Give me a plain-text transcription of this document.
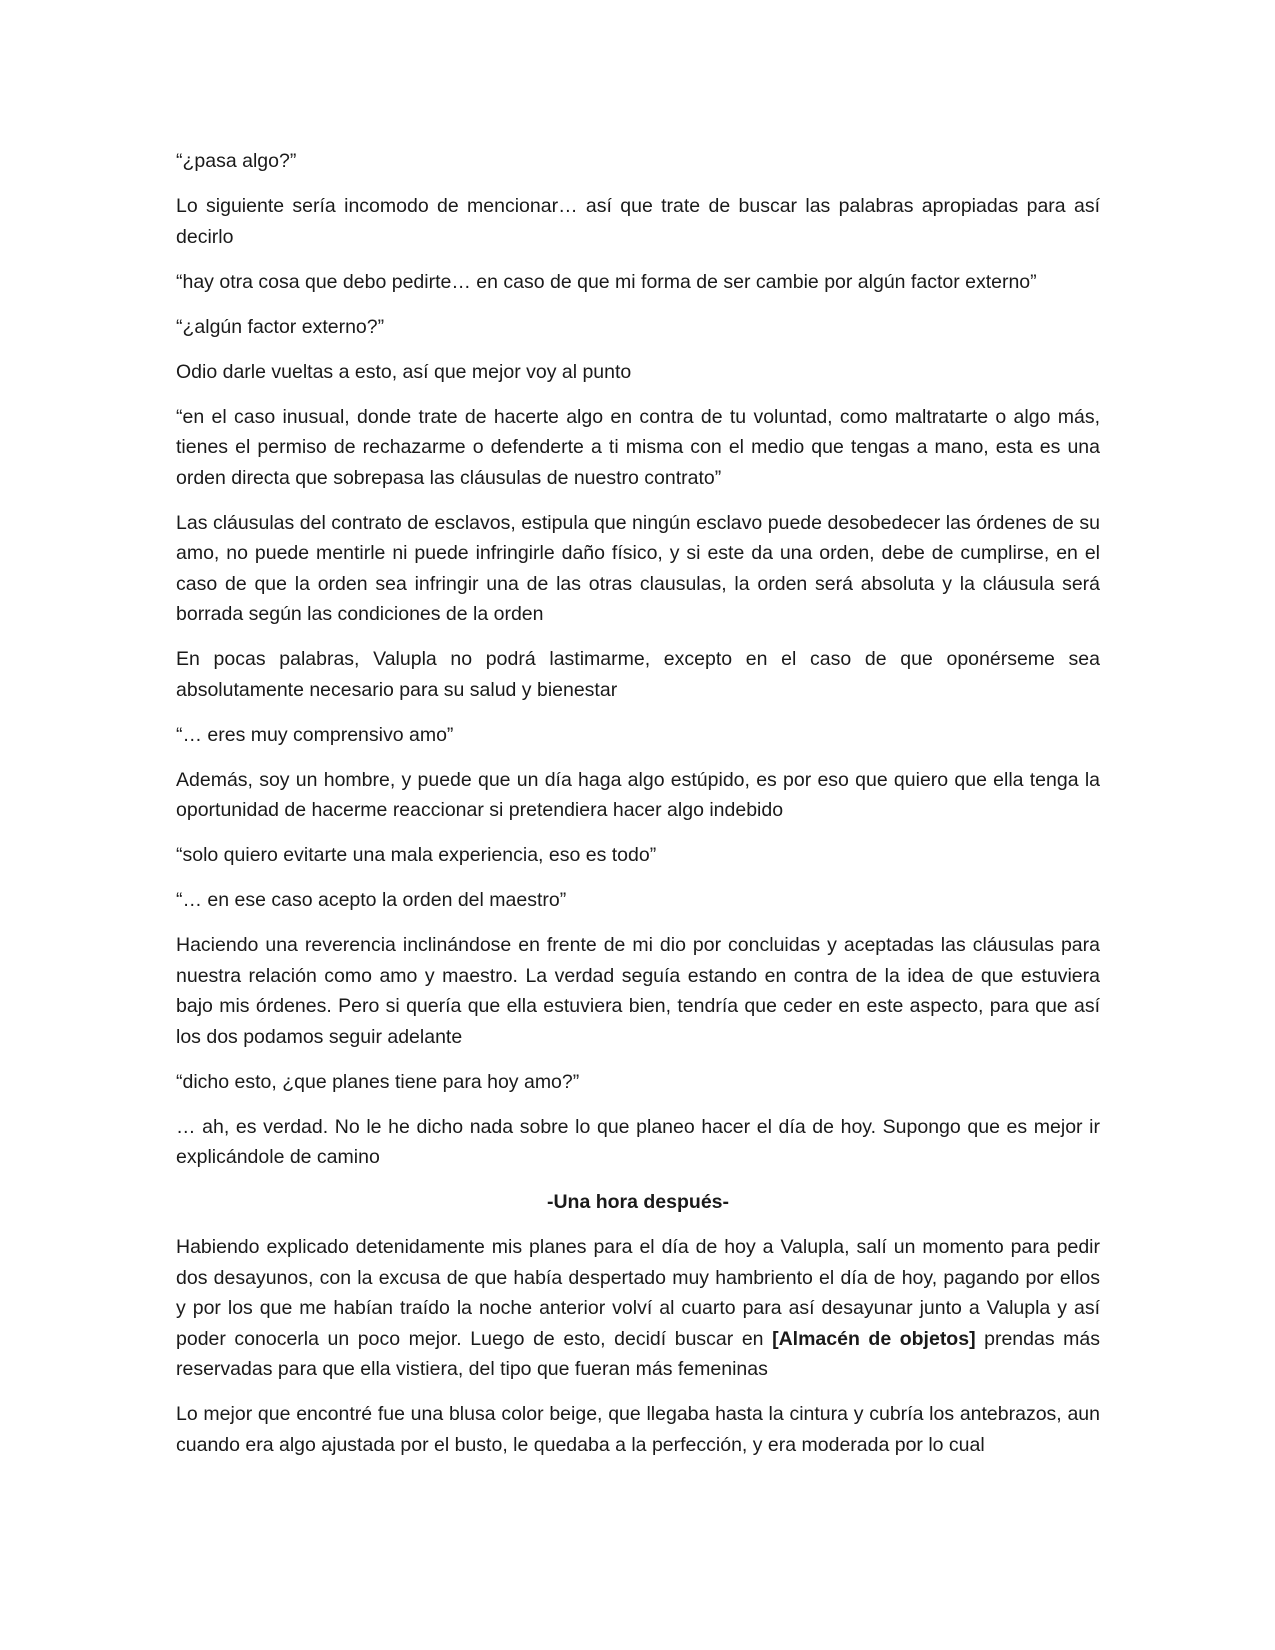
“¿pasa algo?”

Lo siguiente sería incomodo de mencionar… así que trate de buscar las palabras apropiadas para así decirlo

“hay otra cosa que debo pedirte… en caso de que mi forma de ser cambie por algún factor externo”

“¿algún factor externo?”

Odio darle vueltas a esto, así que mejor voy al punto

“en el caso inusual, donde trate de hacerte algo en contra de tu voluntad, como maltratarte o algo más, tienes el permiso de rechazarme o defenderte a ti misma con el medio que tengas a mano, esta es una orden directa que sobrepasa las cláusulas de nuestro contrato”

Las cláusulas del contrato de esclavos, estipula que ningún esclavo puede desobedecer las órdenes de su amo, no puede mentirle ni puede infringirle daño físico, y si este da una orden, debe de cumplirse, en el caso de que la orden sea infringir una de las otras clausulas, la orden será absoluta y la cláusula será borrada según las condiciones de la orden

En pocas palabras, Valupla no podrá lastimarme, excepto en el caso de que oponérseme sea absolutamente necesario para su salud y bienestar

“… eres muy comprensivo amo”

Además, soy un hombre, y puede que un día haga algo estúpido, es por eso que quiero que ella tenga la oportunidad de hacerme reaccionar si pretendiera hacer algo indebido

“solo quiero evitarte una mala experiencia, eso es todo”

“… en ese caso acepto la orden del maestro”

Haciendo una reverencia inclinándose en frente de mi dio por concluidas y aceptadas las cláusulas para nuestra relación como amo y maestro. La verdad seguía estando en contra de la idea de que estuviera bajo mis órdenes. Pero si quería que ella estuviera bien, tendría que ceder en este aspecto, para que así los dos podamos seguir adelante

“dicho esto, ¿que planes tiene para hoy amo?”

… ah, es verdad. No le he dicho nada sobre lo que planeo hacer el día de hoy. Supongo que es mejor ir explicándole de camino

-Una hora después-

Habiendo explicado detenidamente mis planes para el día de hoy a Valupla, salí un momento para pedir dos desayunos, con la excusa de que había despertado muy hambriento el día de hoy, pagando por ellos y por los que me habían traído la noche anterior volví al cuarto para así desayunar junto a Valupla y así poder conocerla un poco mejor. Luego de esto, decidí buscar en [Almacén de objetos] prendas más reservadas para que ella vistiera, del tipo que fueran más femeninas

Lo mejor que encontré fue una blusa color beige, que llegaba hasta la cintura y cubría los antebrazos, aun cuando era algo ajustada por el busto, le quedaba a la perfección, y era moderada por lo cual
